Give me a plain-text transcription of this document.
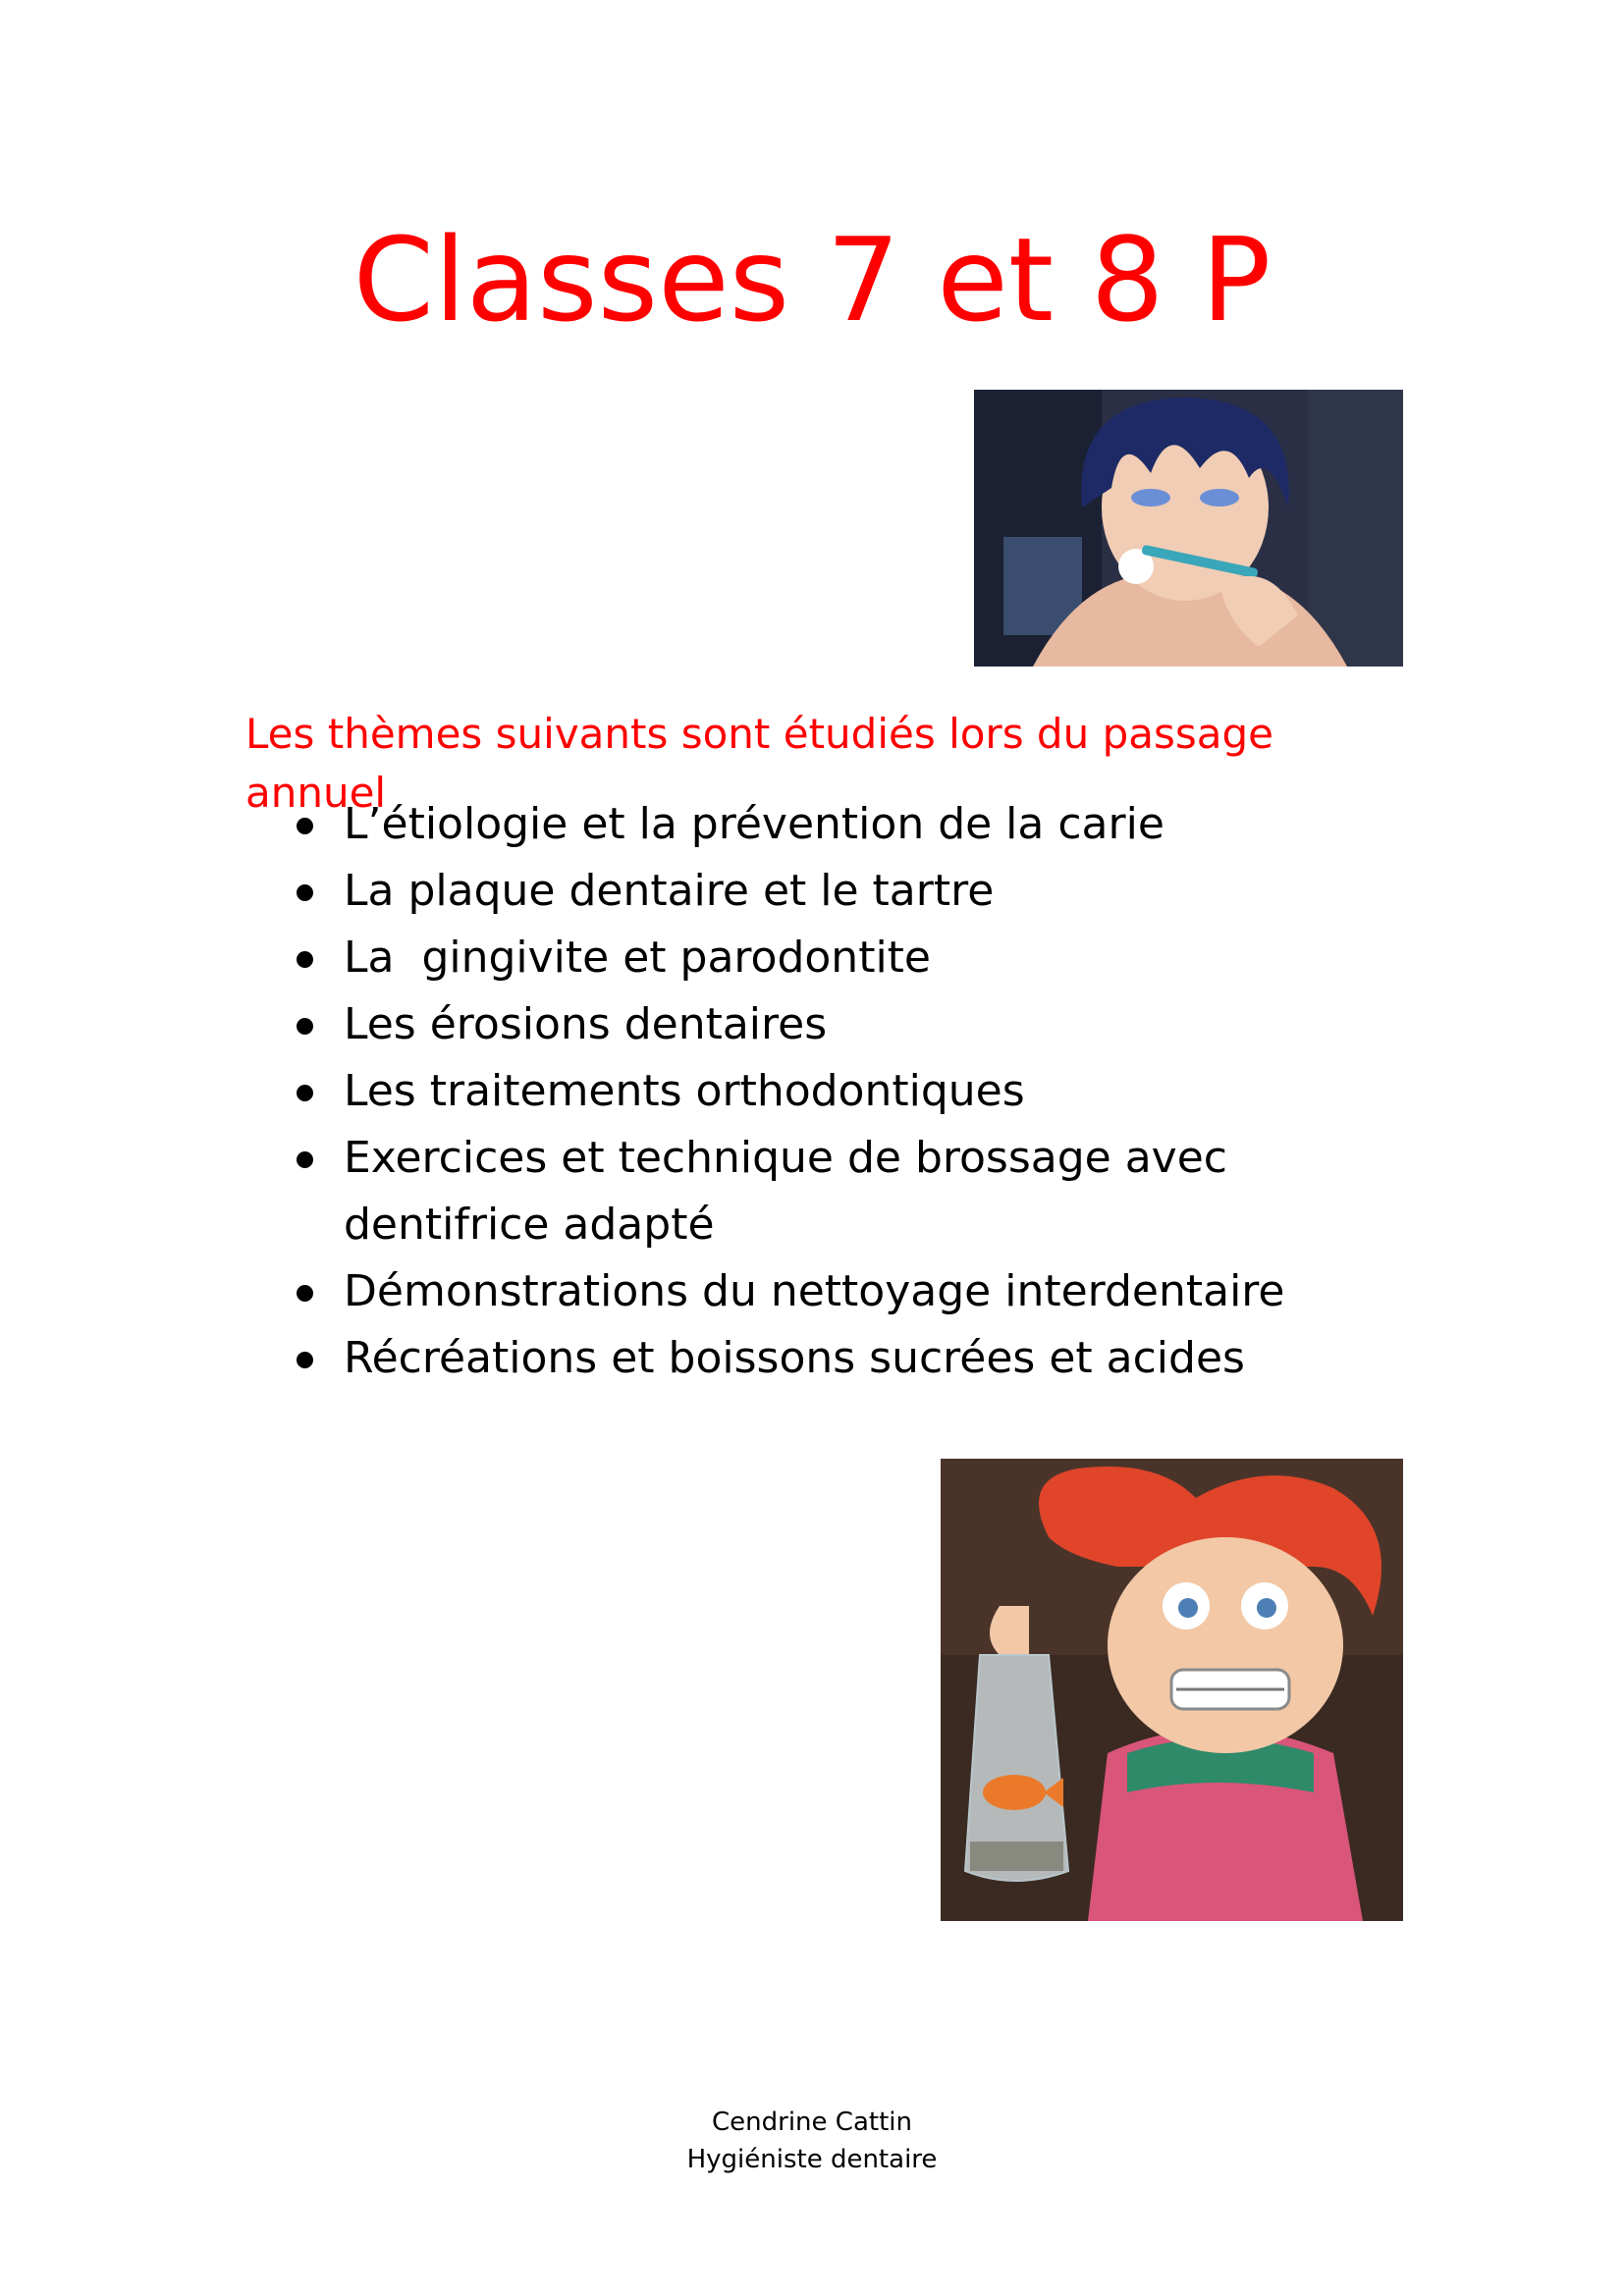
Classes 7 et 8 P
Les thèmes suivants sont étudiés lors du passage annuel
L’étiologie et la prévention de la carie
La plaque dentaire et le tartre
La  gingivite et parodontite
Les érosions dentaires
Les traitements orthodontiques
Exercices et technique de brossage avec dentifrice adapté
Démonstrations du nettoyage interdentaire
Récréations et boissons sucrées et acides
Cendrine Cattin
Hygiéniste dentaire
